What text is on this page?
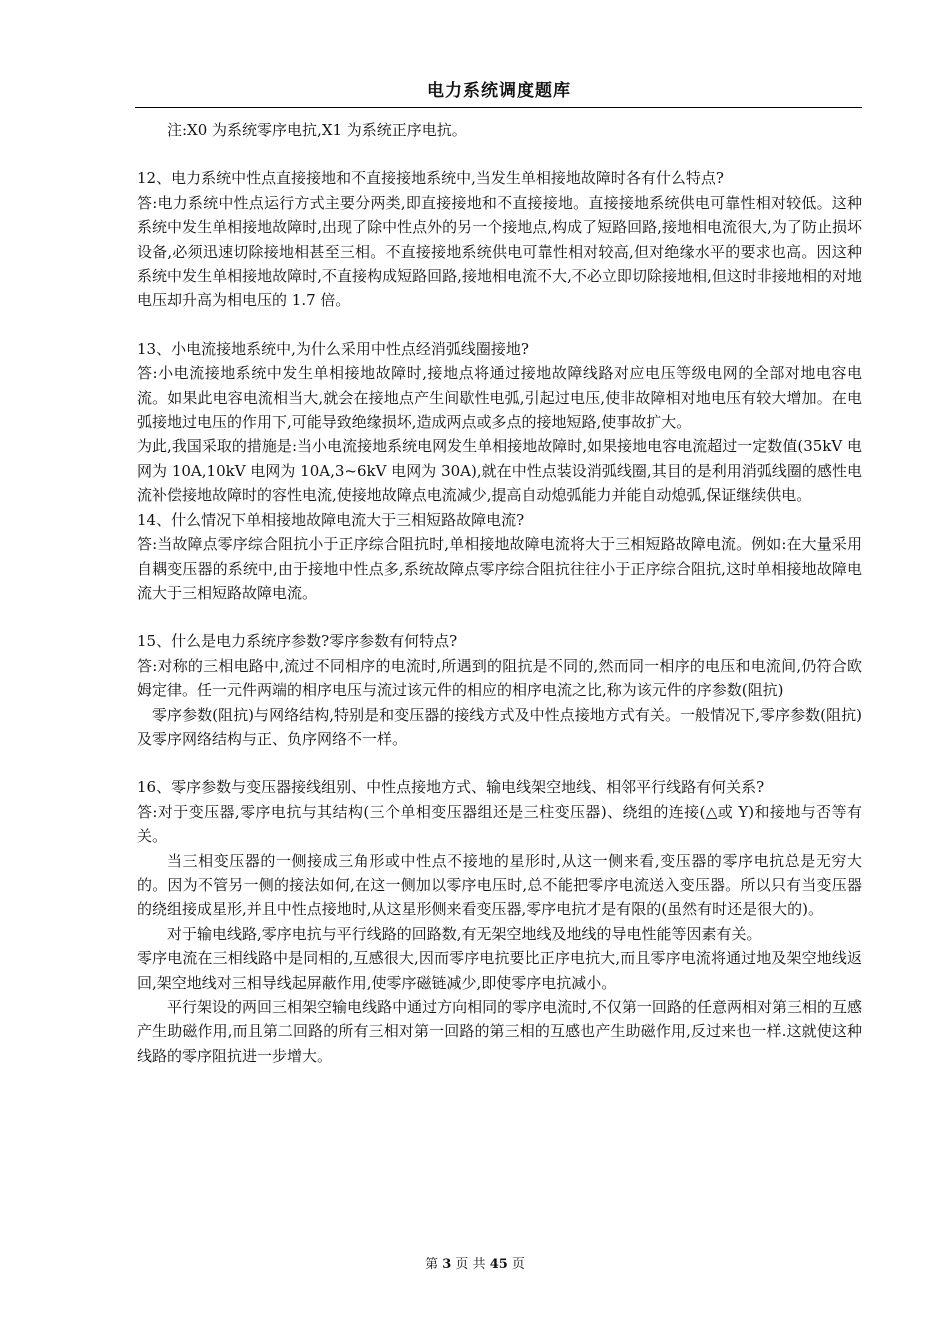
电力系统调度题库

注:X0 为系统零序电抗,X1 为系统正序电抗。

12、电力系统中性点直接接地和不直接接地系统中,当发生单相接地故障时各有什么特点?

答:电力系统中性点运行方式主要分两类,即直接接地和不直接接地。直接接地系统供电可靠性相对较低。这种系统中发生单相接地故障时,出现了除中性点外的另一个接地点,构成了短路回路,接地相电流很大,为了防止损坏设备,必须迅速切除接地相甚至三相。不直接接地系统供电可靠性相对较高,但对绝缘水平的要求也高。因这种系统中发生单相接地故障时,不直接构成短路回路,接地相电流不大,不必立即切除接地相,但这时非接地相的对地电压却升高为相电压的 1.7 倍。

13、小电流接地系统中,为什么采用中性点经消弧线圈接地?

答:小电流接地系统中发生单相接地故障时,接地点将通过接地故障线路对应电压等级电网的全部对地电容电流。如果此电容电流相当大,就会在接地点产生间歇性电弧,引起过电压,使非故障相对地电压有较大增加。在电弧接地过电压的作用下,可能导致绝缘损坏,造成两点或多点的接地短路,使事故扩大。

为此,我国采取的措施是:当小电流接地系统电网发生单相接地故障时,如果接地电容电流超过一定数值(35kV 电网为 10A,10kV 电网为 10A,3~6kV 电网为 30A),就在中性点装设消弧线圈,其目的是利用消弧线圈的感性电流补偿接地故障时的容性电流,使接地故障点电流减少,提高自动熄弧能力并能自动熄弧,保证继续供电。

14、什么情况下单相接地故障电流大于三相短路故障电流?

答:当故障点零序综合阻抗小于正序综合阻抗时,单相接地故障电流将大于三相短路故障电流。例如:在大量采用自耦变压器的系统中,由于接地中性点多,系统故障点零序综合阻抗往往小于正序综合阻抗,这时单相接地故障电流大于三相短路故障电流。

15、什么是电力系统序参数?零序参数有何特点?

答:对称的三相电路中,流过不同相序的电流时,所遇到的阻抗是不同的,然而同一相序的电压和电流间,仍符合欧姆定律。任一元件两端的相序电压与流过该元件的相应的相序电流之比,称为该元件的序参数(阻抗)

零序参数(阻抗)与网络结构,特别是和变压器的接线方式及中性点接地方式有关。一般情况下,零序参数(阻抗)及零序网络结构与正、负序网络不一样。

16、零序参数与变压器接线组别、中性点接地方式、输电线架空地线、相邻平行线路有何关系?

答:对于变压器,零序电抗与其结构(三个单相变压器组还是三柱变压器)、绕组的连接(△或 Y)和接地与否等有关。

当三相变压器的一侧接成三角形或中性点不接地的星形时,从这一侧来看,变压器的零序电抗总是无穷大的。因为不管另一侧的接法如何,在这一侧加以零序电压时,总不能把零序电流送入变压器。所以只有当变压器的绕组接成星形,并且中性点接地时,从这星形侧来看变压器,零序电抗才是有限的(虽然有时还是很大的)。

对于输电线路,零序电抗与平行线路的回路数,有无架空地线及地线的导电性能等因素有关。

零序电流在三相线路中是同相的,互感很大,因而零序电抗要比正序电抗大,而且零序电流将通过地及架空地线返回,架空地线对三相导线起屏蔽作用,使零序磁链减少,即使零序电抗减小。

平行架设的两回三相架空输电线路中通过方向相同的零序电流时,不仅第一回路的任意两相对第三相的互感产生助磁作用,而且第二回路的所有三相对第一回路的第三相的互感也产生助磁作用,反过来也一样.这就使这种线路的零序阻抗进一步增大。

第 3 页 共 45 页
